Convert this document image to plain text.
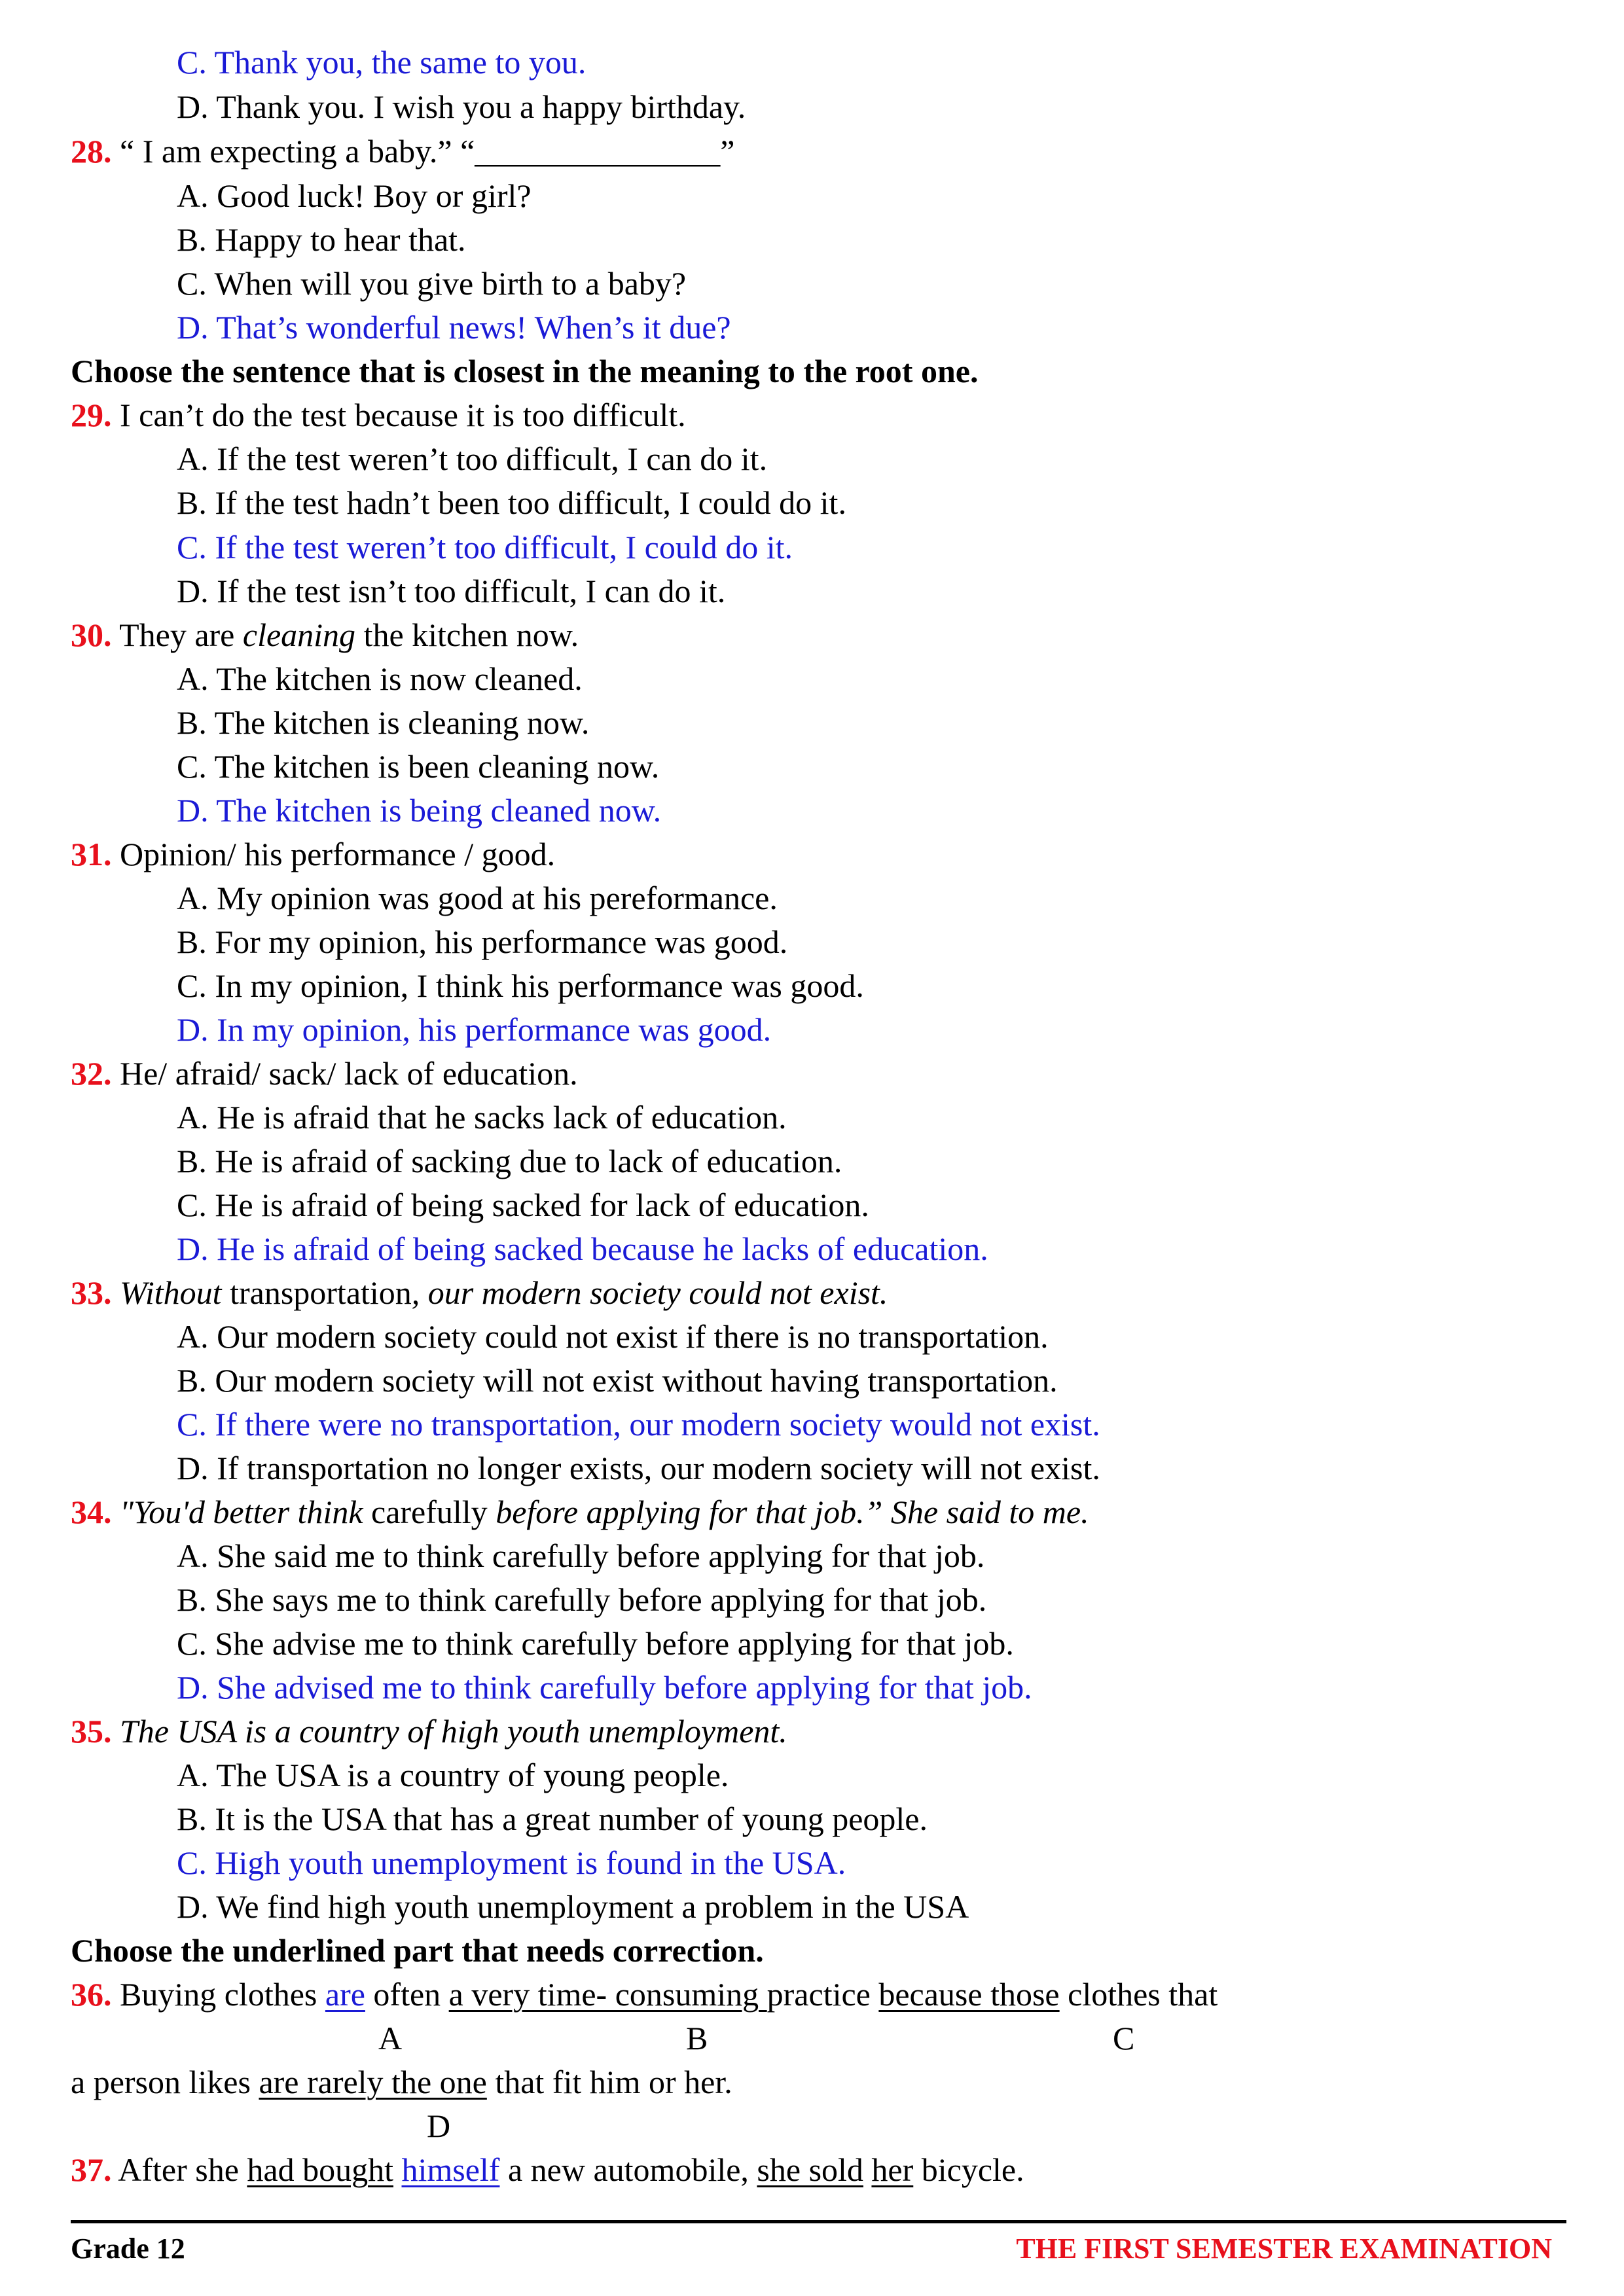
C. Thank you, the same to you.
D. Thank you. I wish you a happy birthday.
28. “ I am expecting a baby.” “_______________”
A. Good luck! Boy or girl?
B. Happy to hear that.
C. When will you give birth to a baby?
D. That’s wonderful news! When’s it due?
Choose the sentence that is closest in the meaning to the root one.
29. I can’t do the test because it is too difficult.
A. If the test weren’t too difficult, I can do it.
B. If the test hadn’t been too difficult, I could do it.
C. If the test weren’t too difficult, I could do it.
D. If the test isn’t too difficult, I can do it.
30. They are cleaning the kitchen now.
A. The kitchen is now cleaned.
B. The kitchen is cleaning now.
C. The kitchen is been cleaning now.
D. The kitchen is being cleaned now.
31. Opinion/ his performance / good.
A. My opinion was good at his pereformance.
B. For my opinion, his performance was good.
C. In my opinion, I think his performance was good.
D. In my opinion, his performance was good.
32. He/ afraid/ sack/ lack of education.
A. He is afraid that he sacks lack of education.
B. He is afraid of sacking due to lack of education.
C. He is afraid of being sacked for lack of education.
D. He is afraid of being sacked because he lacks of education.
33. Without transportation, our modern society could not exist.
A. Our modern society could not exist if there is no transportation.
B. Our modern society will not exist without having transportation.
C. If there were no transportation, our modern society would not exist.
D. If transportation no longer exists, our modern society will not exist.
34. "You'd better think carefully before applying for that job.” She said to me.
A. She said me to think carefully before applying for that job.
B. She says me to think carefully before applying for that job.
C. She advise me to think carefully before applying for that job.
D. She advised me to think carefully before applying for that job.
35. The USA is a country of high youth unemployment.
A. The USA is a country of young people.
B. It is the USA that has a great number of young people.
C. High youth unemployment is found in the USA.
D. We find high youth unemployment a problem in the USA
Choose the underlined part that needs correction.
36. Buying clothes are often a very time- consuming practice because those clothes that
A	B	C
a person likes are rarely the one that fit him or her.
D
37. After she had bought himself a new automobile, she sold her bicycle.
Grade 12	THE FIRST SEMESTER EXAMINATION
